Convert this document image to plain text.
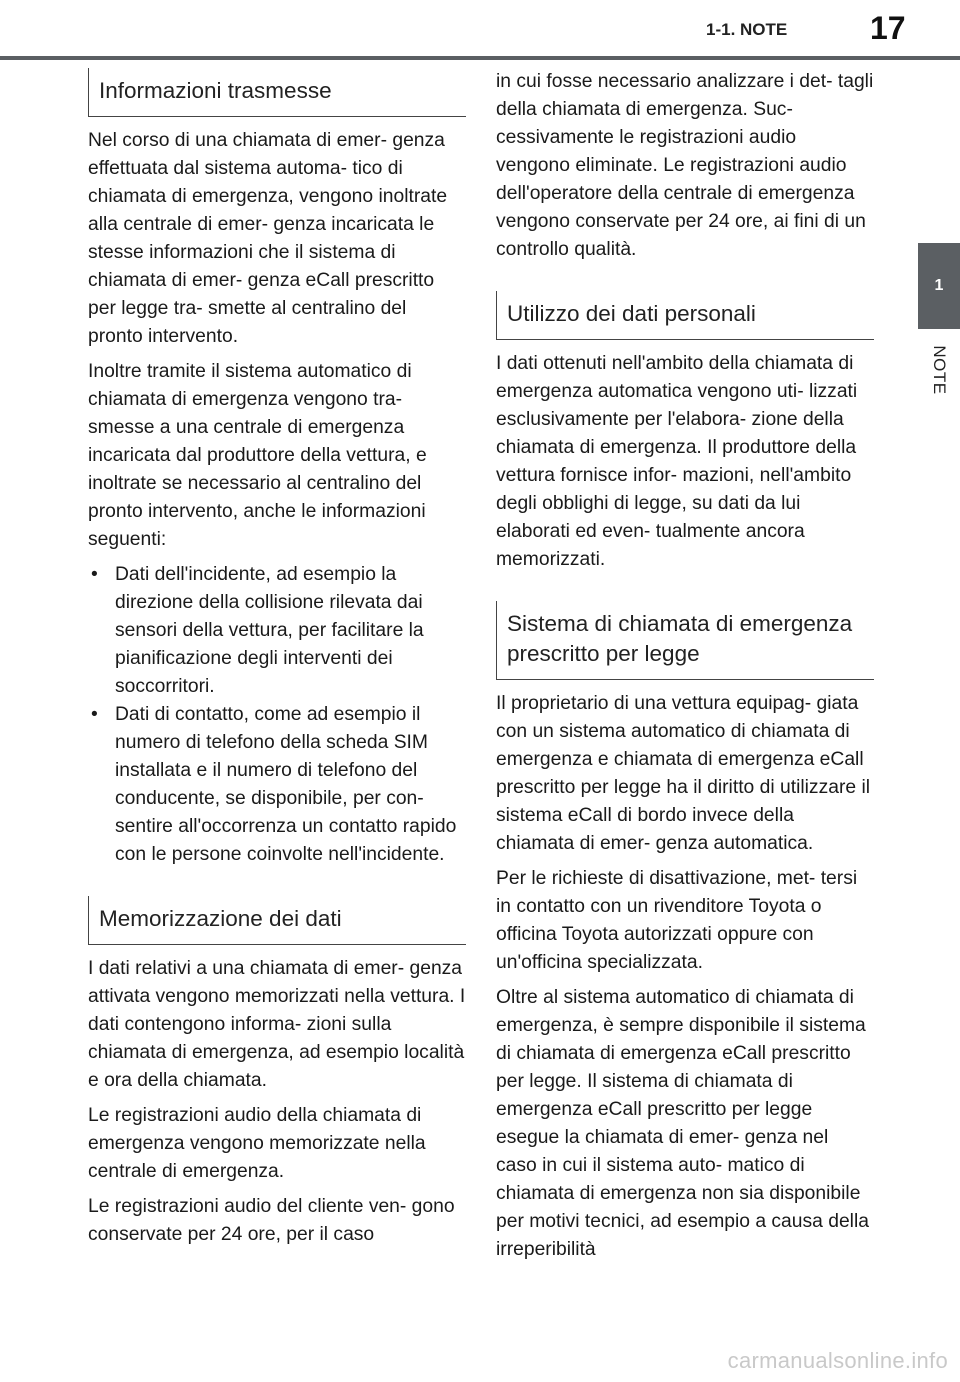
1-1. NOTE	17
1
NOTE
Informazioni trasmesse

Nel corso di una chiamata di emer- genza effettuata dal sistema automa- tico di chiamata di emergenza, vengono inoltrate alla centrale di emer- genza incaricata le stesse informazioni che il sistema di chiamata di emer- genza eCall prescritto per legge tra- smette al centralino del pronto intervento.

Inoltre tramite il sistema automatico di chiamata di emergenza vengono tra- smesse a una centrale di emergenza incaricata dal produttore della vettura, e inoltrate se necessario al centralino del pronto intervento, anche le informazioni seguenti:

• Dati dell'incidente, ad esempio la direzione della collisione rilevata dai sensori della vettura, per facilitare la pianificazione degli interventi dei soccorritori.
• Dati di contatto, come ad esempio il numero di telefono della scheda SIM installata e il numero di telefono del conducente, se disponibile, per con- sentire all'occorrenza un contatto rapido con le persone coinvolte nell'incidente.
Memorizzazione dei dati

I dati relativi a una chiamata di emer- genza attivata vengono memorizzati nella vettura. I dati contengono informa- zioni sulla chiamata di emergenza, ad esempio località e ora della chiamata.

Le registrazioni audio della chiamata di emergenza vengono memorizzate nella centrale di emergenza.

Le registrazioni audio del cliente ven- gono conservate per 24 ore, per il caso

in cui fosse necessario analizzare i det- tagli della chiamata di emergenza. Suc- cessivamente le registrazioni audio vengono eliminate. Le registrazioni audio dell'operatore della centrale di emergenza vengono conservate per 24 ore, ai fini di un controllo qualità.

Utilizzo dei dati personali

I dati ottenuti nell'ambito della chiamata di emergenza automatica vengono uti- lizzati esclusivamente per l'elabora- zione della chiamata di emergenza. Il produttore della vettura fornisce infor- mazioni, nell'ambito degli obblighi di legge, su dati da lui elaborati ed even- tualmente ancora memorizzati.

Sistema di chiamata di emergenza prescritto per legge

Il proprietario di una vettura equipag- giata con un sistema automatico di chiamata di emergenza e chiamata di emergenza eCall prescritto per legge ha il diritto di utilizzare il sistema eCall di bordo invece della chiamata di emer- genza automatica.

Per le richieste di disattivazione, met- tersi in contatto con un rivenditore Toyota o officina Toyota autorizzati oppure con un'officina specializzata.

Oltre al sistema automatico di chiamata di emergenza, è sempre disponibile il sistema di chiamata di emergenza eCall prescritto per legge. Il sistema di chiamata di emergenza eCall prescritto per legge esegue la chiamata di emer- genza nel caso in cui il sistema auto- matico di chiamata di emergenza non sia disponibile per motivi tecnici, ad esempio a causa della irreperibilità

carmanualsonline.info
